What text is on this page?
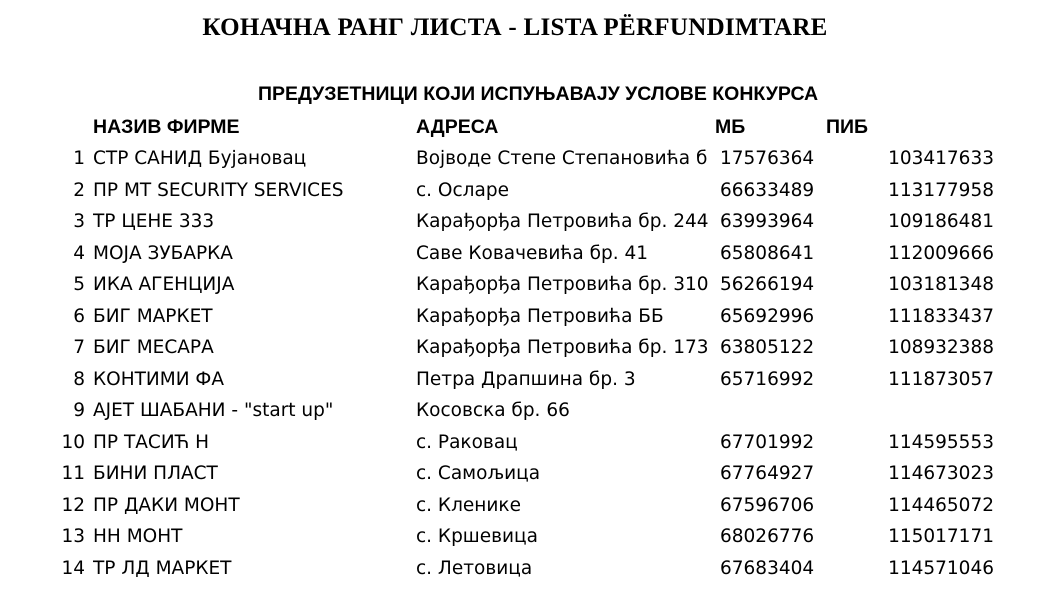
КОНАЧНА РАНГ ЛИСТА - LISTA PËRFUNDIMTARE
ПРЕДУЗЕТНИЦИ КОЈИ ИСПУЊАВАЈУ УСЛОВЕ КОНКУРСА
НАЗИВ ФИРМЕ	АДРЕСА	МБ	ПИБ
1 СТР САНИД Бујановац	Војводе Степе Степановића б 17576364	103417633
2 ПР МТ SECURITY SERVICES	с. Осларе	66633489	113177958
3 ТР ЦЕНЕ 333	Карађорђа Петровића бр. 244 63993964	109186481
4 МОЈА ЗУБАРКА	Саве Ковачевића бр. 41	65808641	112009666
5 ИКА АГЕНЦИЈА	Карађорђа Петровића бр. 310 56266194	103181348
6 БИГ МАРКЕТ	Карађорђа Петровића ББ	65692996	111833437
7 БИГ МЕСАРА	Карађорђа Петровића бр. 173 63805122	108932388
8 КОНТИМИ ФА	Петра Драпшина бр. 3	65716992	111873057
9 АЈЕТ ШАБАНИ - "start up"	Косовска бр. 66
10 ПР ТАСИЋ Н	с. Раковац	67701992	114595553
11 БИНИ ПЛАСТ	с. Самољица	67764927	114673023
12 ПР ДАКИ МОНТ	с. Кленике	67596706	114465072
13 НН МОНТ	с. Кршевица	68026776	115017171
14 ТР ЛД МАРКЕТ	с. Летовица	67683404	114571046
